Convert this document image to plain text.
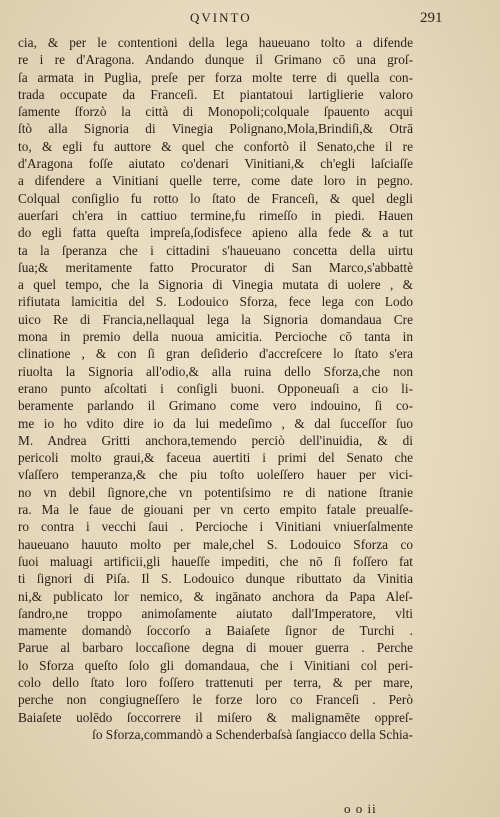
QVINTO	291
cia, & per le contentioni della lega haueuano tolto a difende
re i re d'Aragona. Andando dunque il Grimano cō una groſ-
ſa armata in Puglia, preſe per forza molte terre di quella con-
trada occupate da Franceſi. Et piantatoui lartiglierie valoro
ſamente ſforzò la città di Monopoli;colquale ſpauento acqui
ſtò alla Signoria di Vinegia Polignano,Mola,Brindiſi,& Otrā
to, & egli fu auttore & quel che confortò il Senato,che il re
d'Aragona foſſe aiutato co'denari Vinitiani,& ch'egli laſciaſſe
a difendere a Vinitiani quelle terre, come date loro in pegno.
Colqual conſiglio fu rotto lo ſtato de Franceſi, & quel degli
auerſari ch'era in cattiuo termine,fu rimeſſo in piedi. Hauen
do egli fatta queſta impreſa,ſodisfece apieno alla fede & a tut
ta la ſperanza che i cittadini s'haueuano concetta della uirtu
ſua;& meritamente fatto Procurator di San Marco,s'abbattè
a quel tempo, che la Signoria di Vinegia mutata di uolere , &
rifiutata lamicitia del S. Lodouico Sforza, fece lega con Lodo
uico Re di Francia,nellaqual lega la Signoria domandaua Cre
mona in premio della nuoua amicitia. Percioche cō tanta in
clinatione , & con ſi gran deſiderio d'accreſcere lo ſtato s'era
riuolta la Signoria all'odio,& alla ruina dello Sforza,che non
erano punto aſcoltati i conſigli buoni. Opponeuaſi a cio li-
beramente parlando il Grimano come vero indouino, ſi co-
me io ho vdito dire io da lui medeſimo , & dal ſucceſſor ſuo
M. Andrea Gritti anchora,temendo perciò dell'inuidia, & di
pericoli molto graui,& faceua auertiti i primi del Senato che
vſaſſero temperanza,& che piu toſto uoleſſero hauer per vici-
no vn debil ſignore,che vn potentiſsimo re di natione ſtranie
ra. Ma le faue de giouani per vn certo empito fatale preualſe-
ro contra i vecchi ſaui . Percioche i Vinitiani vniuerſalmente
haueuano hauuto molto per male,chel S. Lodouico Sforza co
ſuoi maluagi artificii,gli haueſſe impediti, che nō ſi foſſero fat
ti ſignori di Piſa. Il S. Lodouico dunque ributtato da Vinitia
ni,& publicato lor nemico, & ingānato anchora da Papa Aleſ-
ſandro,ne troppo animoſamente aiutato dall'Imperatore, vlti
mamente domandò ſoccorſo a Baiaſete ſignor de Turchi .
Parue al barbaro loccaſione degna di mouer guerra . Perche
lo Sforza queſto ſolo gli domandaua, che i Vinitiani col peri-
colo dello ſtato loro foſſero trattenuti per terra, & per mare,
perche non congiugneſſero le forze loro co Franceſi . Però
Baiaſete uolēdo ſoccorrere il miſero & malignamēte oppreſ-
ſo Sforza,commandò a Schenderbaſsà ſangiacco della Schia-
o o ii
